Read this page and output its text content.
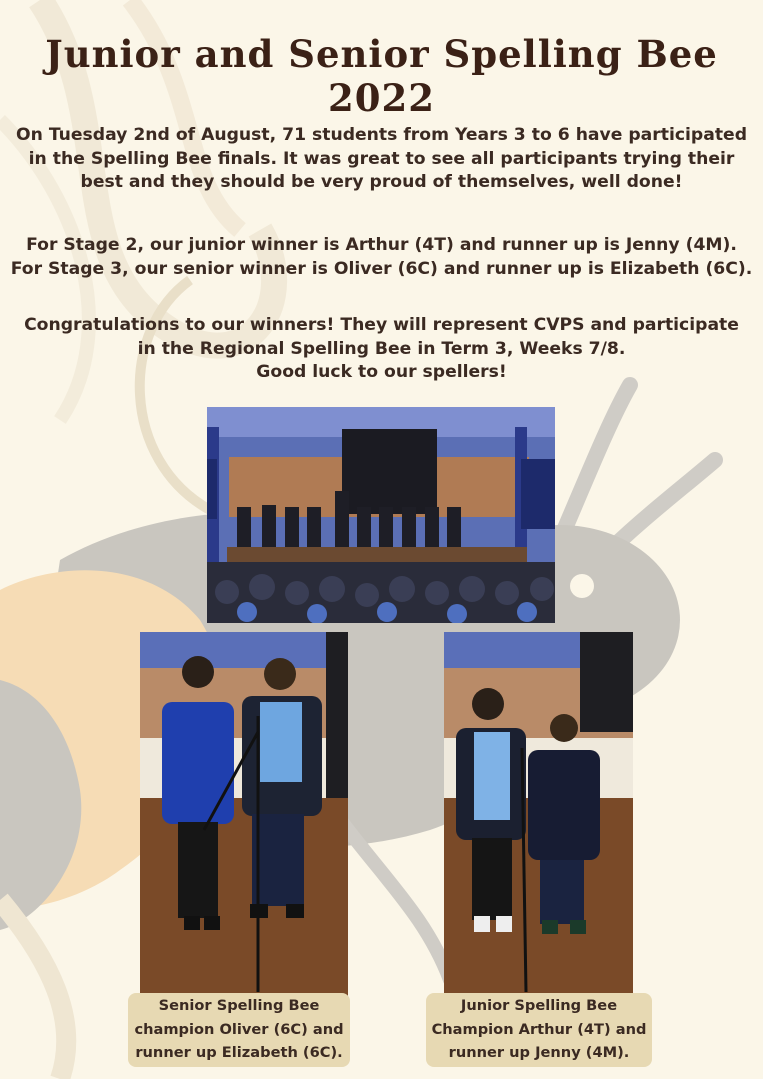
Junior and Senior Spelling Bee 2022

On Tuesday 2nd of August, 71 students from Years 3 to 6 have participated
in the Spelling Bee finals. It was great to see all participants trying their
best and they should be very proud of themselves, well done!

For Stage 2, our junior winner is Arthur (4T) and runner up is Jenny (4M).
For Stage 3, our senior winner is Oliver (6C) and runner up is Elizabeth (6C).

Congratulations to our winners! They will represent CVPS and participate
in the Regional Spelling Bee in Term 3, Weeks 7/8.
Good luck to our spellers!

Senior Spelling Bee
champion Oliver (6C) and
runner up Elizabeth (6C).
Junior Spelling Bee
Champion Arthur (4T) and
runner up Jenny (4M).
